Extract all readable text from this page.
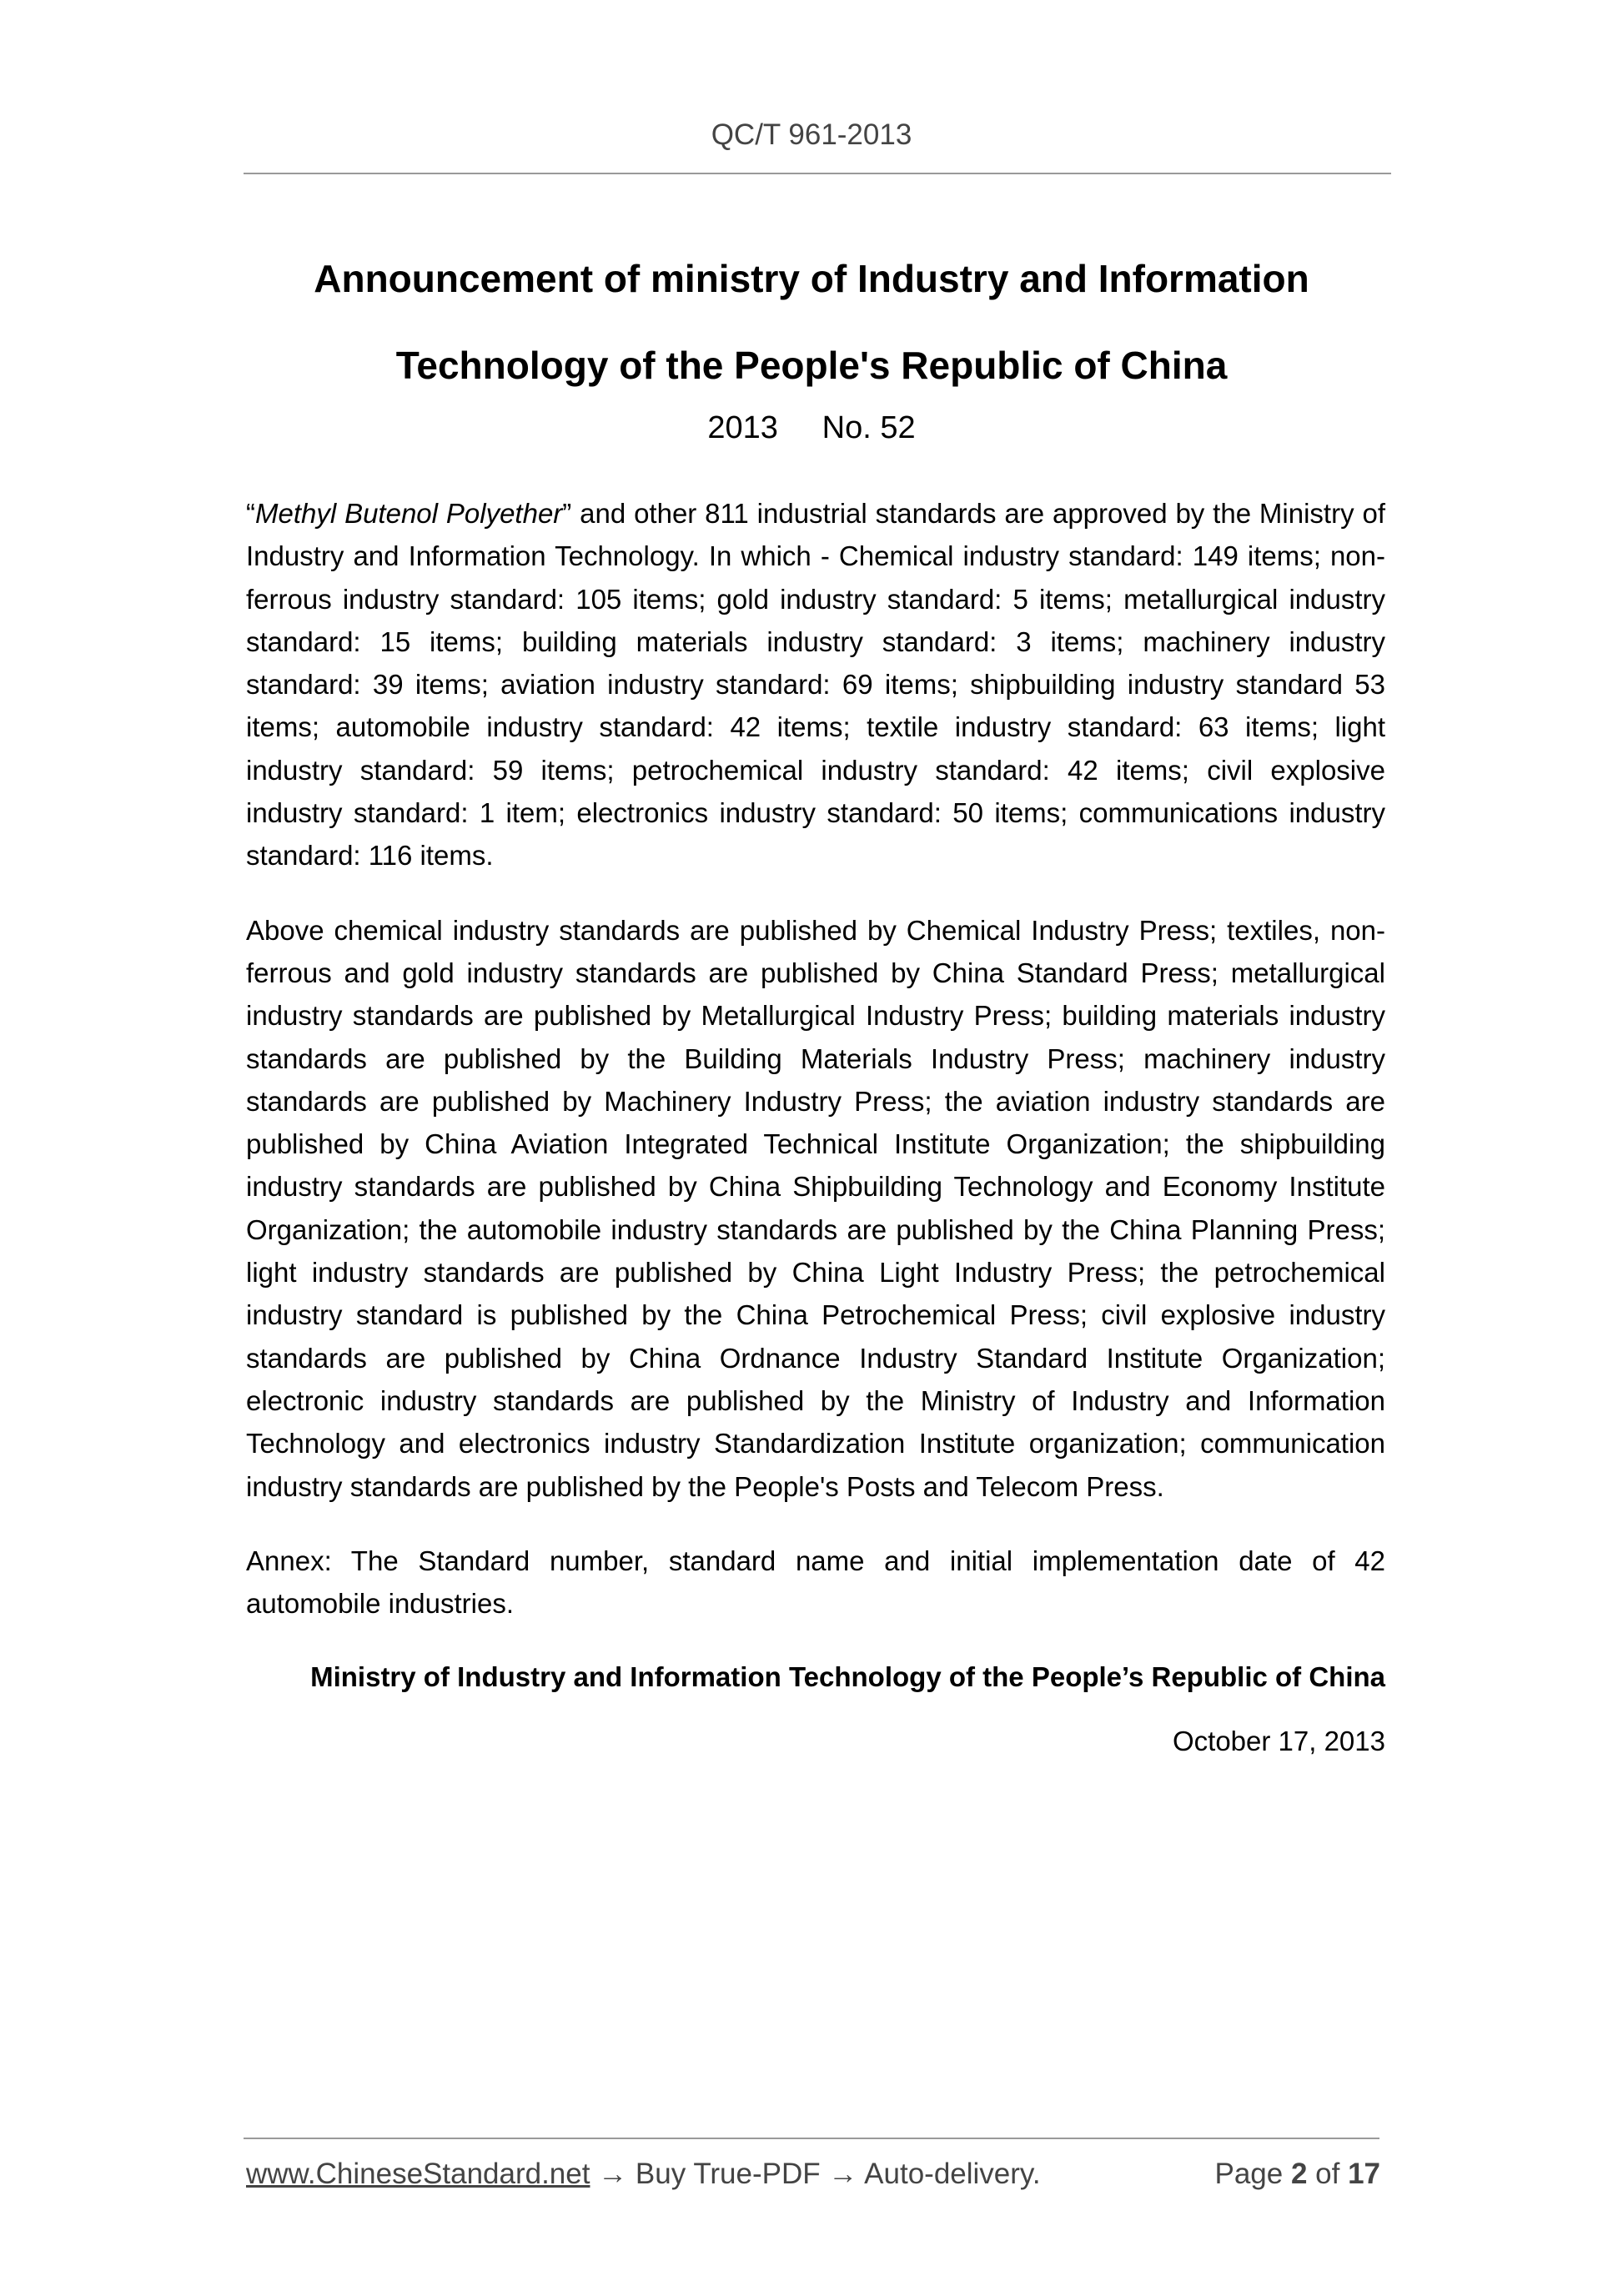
QC/T 961-2013
Announcement of ministry of Industry and Information
Technology of the People's Republic of China
2013     No. 52

“Methyl Butenol Polyether” and other 811 industrial standards are approved by the Ministry of Industry and Information Technology. In which - Chemical industry standard: 149 items; non-ferrous industry standard: 105 items; gold industry standard: 5 items; metallurgical industry standard: 15 items; building materials industry standard: 3 items; machinery industry standard: 39 items; aviation industry standard: 69 items; shipbuilding industry standard 53 items; automobile industry standard: 42 items; textile industry standard: 63 items; light industry standard: 59 items; petrochemical industry standard: 42 items; civil explosive industry standard: 1 item; electronics industry standard: 50 items; communications industry standard: 116 items.

Above chemical industry standards are published by Chemical Industry Press; textiles, non-ferrous and gold industry standards are published by China Standard Press; metallurgical industry standards are published by Metallurgical Industry Press; building materials industry standards are published by the Building Materials Industry Press; machinery industry standards are published by Machinery Industry Press; the aviation industry standards are published by China Aviation Integrated Technical Institute Organization; the shipbuilding industry standards are published by China Shipbuilding Technology and Economy Institute Organization; the automobile industry standards are published by the China Planning Press; light industry standards are published by China Light Industry Press; the petrochemical industry standard is published by the China Petrochemical Press; civil explosive industry standards are published by China Ordnance Industry Standard Institute Organization; electronic industry standards are published by the Ministry of Industry and Information Technology and electronics industry Standardization Institute organization; communication industry standards are published by the People's Posts and Telecom Press.

Annex: The Standard number, standard name and initial implementation date of 42 automobile industries.

Ministry of Industry and Information Technology of the People’s Republic of China
October 17, 2013
www.ChineseStandard.net → Buy True-PDF → Auto-delivery.	Page 2 of 17
